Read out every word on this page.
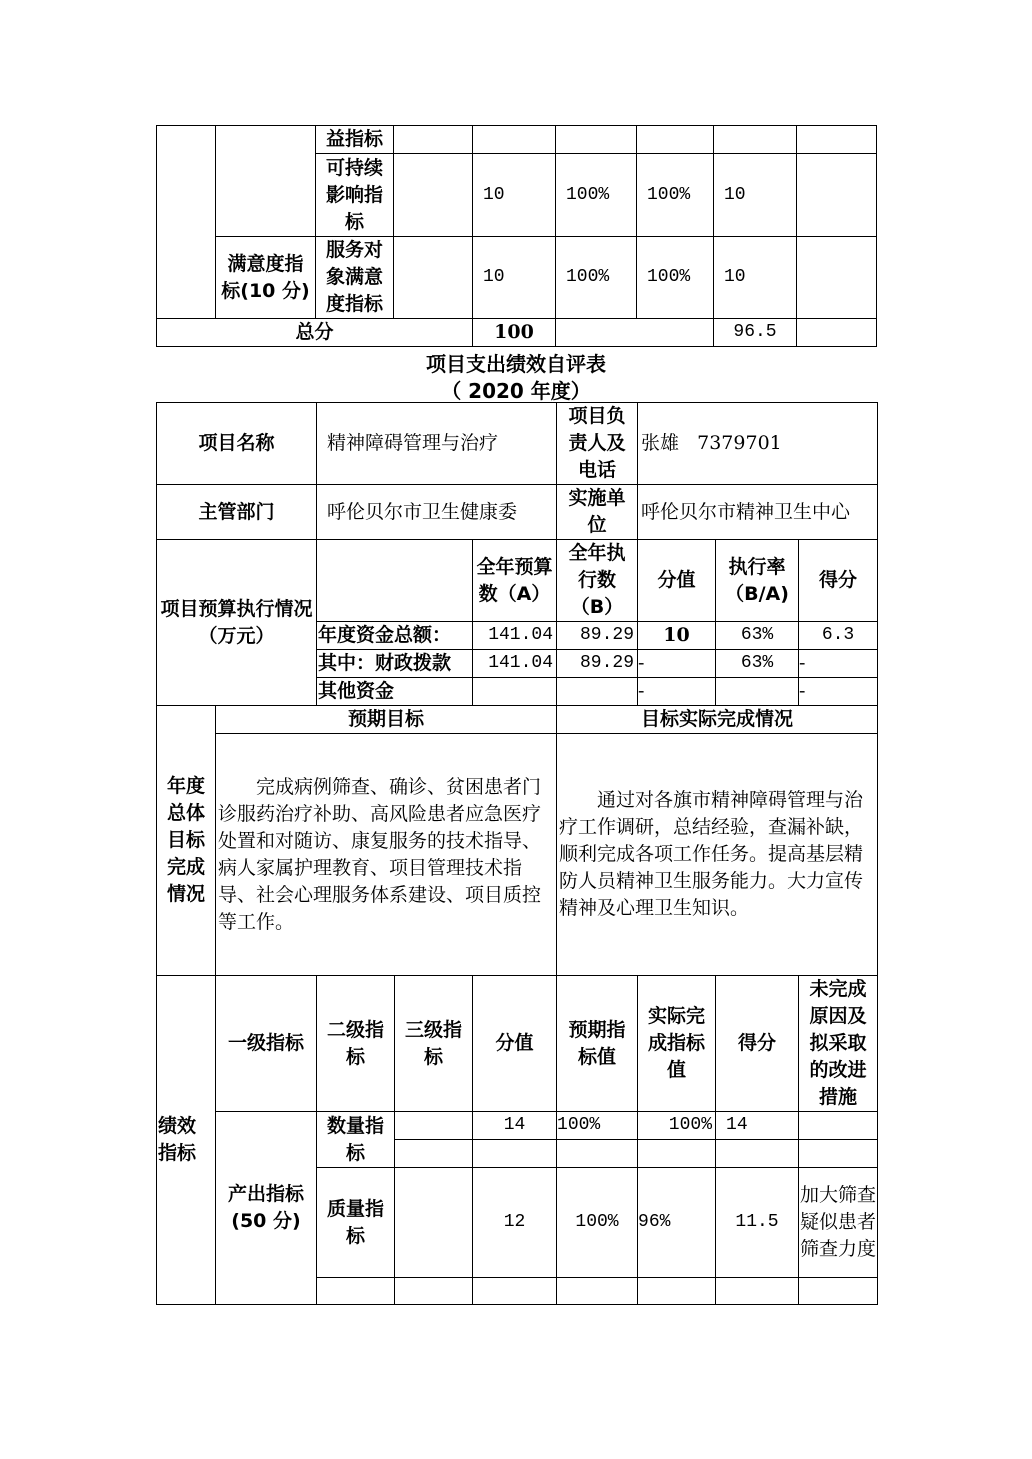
		益指标						
		可持续影响指标		10	100%	100%	10	
	满意度指标(10 分)	服务对象满意度指标		10	100%	100%	10	
总分				100			96.5	
项目支出绩效自评表
（ 2020 年度）
项目名称		精神障碍管理与治疗			项目负责人及电话	张雄   7379701		
主管部门		呼伦贝尔市卫生健康委			实施单位	呼伦贝尔市精神卫生中心		
项目预算执行情况 （万元）				全年预算数（A）	全年执行数（B）	分值	执行率（B/A)	得分
		年度资金总额：		141.04	89.29	10	63%	6.3
		其中：财政拨款		141.04	89.29	-	63%	-
		其他资金				-		-
年度总体目标完成情况	预期目标				目标实际完成情况			
	完成病例筛查、确诊、贫困患者门诊服药治疗补助、高风险患者应急医疗处置和对随访、康复服务的技术指导、病人家属护理教育、项目管理技术指导、社会心理服务体系建设、项目质控等工作。				通过对各旗市精神障碍管理与治疗工作调研，总结经验，查漏补缺，顺利完成各项工作任务。提高基层精防人员精神卫生服务能力。大力宣传精神及心理卫生知识。			
绩效指标	一级指标	二级指标	三级指标	分值	预期指标值	实际完成指标值	得分	未完成原因及拟采取的改进措施
	产出指标 (50 分)	数量指标		14	100%	100%	14	

		质量指标		12	100%	96%	11.5	加大筛查疑似患者筛查力度
